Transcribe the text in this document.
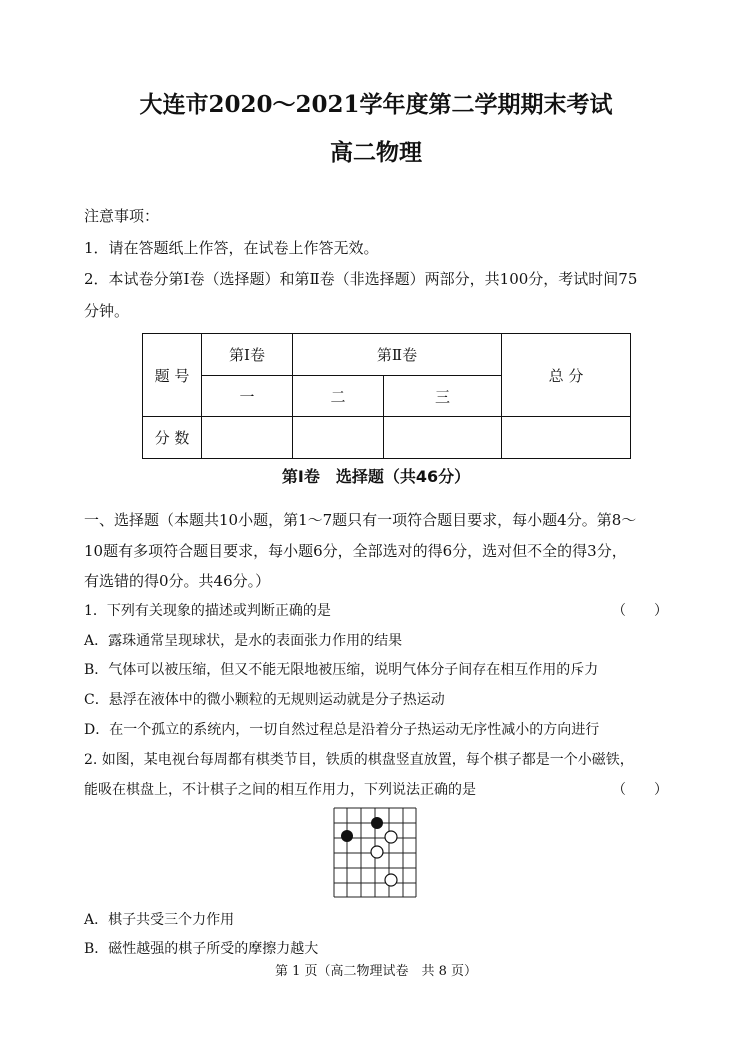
大连市2020～2021学年度第二学期期末考试
高二物理
注意事项：
1．请在答题纸上作答，在试卷上作答无效。
2．本试卷分第Ⅰ卷（选择题）和第Ⅱ卷（非选择题）两部分，共100分，考试时间75
分钟。
题 号	第Ⅰ卷	第Ⅱ卷		总 分
	一	二	三	
分 数				
第Ⅰ卷　选择题（共46分）
一、选择题（本题共10小题，第1～7题只有一项符合题目要求，每小题4分。第8～
10题有多项符合题目要求，每小题6分，全部选对的得6分，选对但不全的得3分，
有选错的得0分。共46分。）
1．下列有关现象的描述或判断正确的是	（　　）
A．露珠通常呈现球状，是水的表面张力作用的结果
B．气体可以被压缩，但又不能无限地被压缩，说明气体分子间存在相互作用的斥力
C．悬浮在液体中的微小颗粒的无规则运动就是分子热运动
D．在一个孤立的系统内，一切自然过程总是沿着分子热运动无序性减小的方向进行
2. 如图，某电视台每周都有棋类节目，铁质的棋盘竖直放置，每个棋子都是一个小磁铁，
能吸在棋盘上，不计棋子之间的相互作用力，下列说法正确的是	（　　）
A．棋子共受三个力作用
B．磁性越强的棋子所受的摩擦力越大
第 1 页（高二物理试卷　共 8 页）
